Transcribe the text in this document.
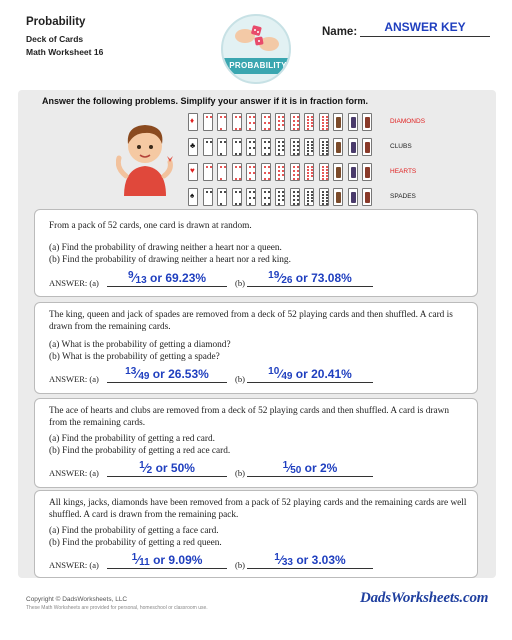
Probability
Deck of Cards
Math Worksheet 16
PROBABILITY
Name:	ANSWER KEY
Answer the following problems. Simplify your answer if it is in fraction form.
♦	DIAMONDS
♣	CLUBS
♥	HEARTS
♠	SPADES
From a pack of 52 cards, one card is drawn at random.
(a) Find the probability of drawing neither a heart nor a queen.
(b) Find the probability of drawing neither a heart nor a red king.
ANSWER: (a)
$^9⁄_{13}$ or 69.23%	(b)
$^{19}⁄_{26}$ or 73.08%
The king, queen and jack of spades are removed from a deck of 52 playing cards and then shuffled. A card is drawn from the remaining cards.
(a) What is the probability of getting a diamond?
(b) What is the probability of getting a spade?
ANSWER: (a)
$^{13}⁄_{49}$ or 26.53%	(b)
$^{10}⁄_{49}$ or 20.41%
The ace of hearts and clubs are removed from a deck of 52 playing cards and then shuffled. A card is drawn from the remaining cards.
(a) Find the probability of getting a red card.
(b) Find the probability of getting a red ace card.
ANSWER: (a)
$^1⁄_2$ or 50%	(b)
$^1⁄_{50}$ or 2%
All kings, jacks, diamonds have been removed from a pack of 52 playing cards and the remaining cards are well shuffled. A card is drawn from the remaining pack.
(a) Find the probability of getting a face card.
(b) Find the probability of getting a red queen.
ANSWER: (a)
$^1⁄_{11}$ or 9.09%	(b)
$^1⁄_{33}$ or 3.03%
Copyright © DadsWorksheets, LLC
These Math Worksheets are provided for personal, homeschool or classroom use.
DadsWorksheets.com
